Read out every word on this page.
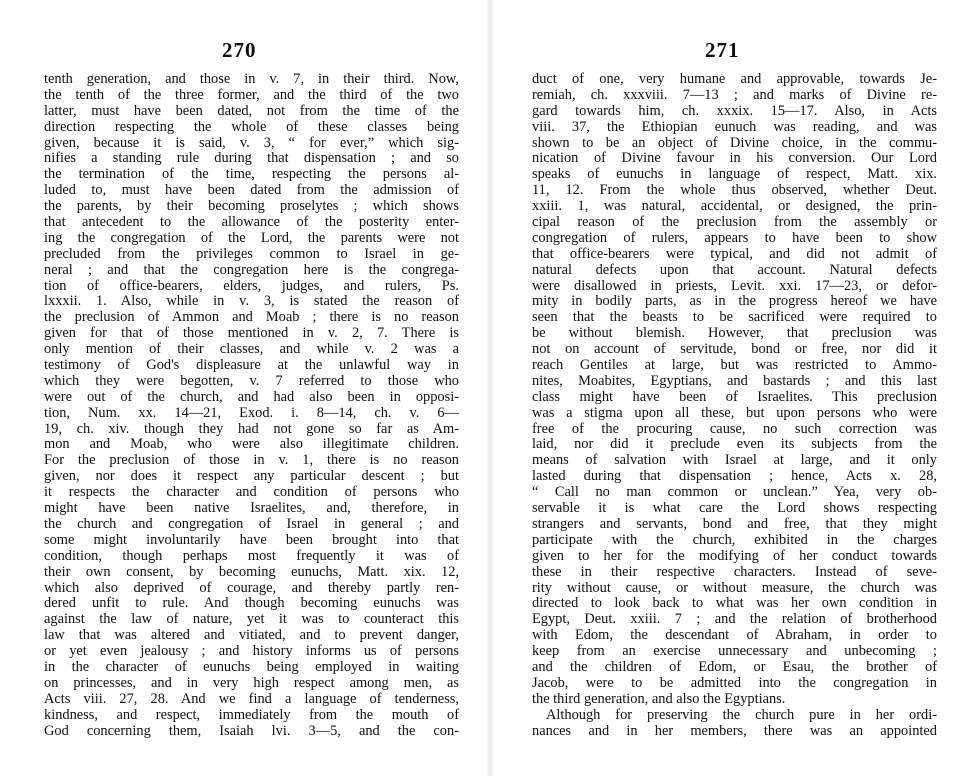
270
tenth generation, and those in v. 7, in their third. Now,
the tenth of the three former, and the third of the two
latter, must have been dated, not from the time of the
direction respecting the whole of these classes being
given, because it is said, v. 3, “ for ever,” which sig-
nifies a standing rule during that dispensation ; and so
the termination of the time, respecting the persons al-
luded to, must have been dated from the admission of
the parents, by their becoming proselytes ; which shows
that antecedent to the allowance of the posterity enter-
ing the congregation of the Lord, the parents were not
precluded from the privileges common to Israel in ge-
neral ; and that the congregation here is the congrega-
tion of office-bearers, elders, judges, and rulers, Ps.
lxxxii. 1. Also, while in v. 3, is stated the reason of
the preclusion of Ammon and Moab ; there is no reason
given for that of those mentioned in v. 2, 7. There is
only mention of their classes, and while v. 2 was a
testimony of God's displeasure at the unlawful way in
which they were begotten, v. 7 referred to those who
were out of the church, and had also been in opposi-
tion, Num. xx. 14—21, Exod. i. 8—14, ch. v. 6—
19, ch. xiv. though they had not gone so far as Am-
mon and Moab, who were also illegitimate children.
For the preclusion of those in v. 1, there is no reason
given, nor does it respect any particular descent ; but
it respects the character and condition of persons who
might have been native Israelites, and, therefore, in
the church and congregation of Israel in general ; and
some might involuntarily have been brought into that
condition, though perhaps most frequently it was of
their own consent, by becoming eunuchs, Matt. xix. 12,
which also deprived of courage, and thereby partly ren-
dered unfit to rule. And though becoming eunuchs was
against the law of nature, yet it was to counteract this
law that was altered and vitiated, and to prevent danger,
or yet even jealousy ; and history informs us of persons
in the character of eunuchs being employed in waiting
on princesses, and in very high respect among men, as
Acts viii. 27, 28. And we find a language of tenderness,
kindness, and respect, immediately from the mouth of
God concerning them, Isaiah lvi. 3—5, and the con-
271
duct of one, very humane and approvable, towards Je-
remiah, ch. xxxviii. 7—13 ; and marks of Divine re-
gard towards him, ch. xxxix. 15—17. Also, in Acts
viii. 37, the Ethiopian eunuch was reading, and was
shown to be an object of Divine choice, in the commu-
nication of Divine favour in his conversion. Our Lord
speaks of eunuchs in language of respect, Matt. xix.
11, 12. From the whole thus observed, whether Deut.
xxiii. 1, was natural, accidental, or designed, the prin-
cipal reason of the preclusion from the assembly or
congregation of rulers, appears to have been to show
that office-bearers were typical, and did not admit of
natural defects upon that account. Natural defects
were disallowed in priests, Levit. xxi. 17—23, or defor-
mity in bodily parts, as in the progress hereof we have
seen that the beasts to be sacrificed were required to
be without blemish. However, that preclusion was
not on account of servitude, bond or free, nor did it
reach Gentiles at large, but was restricted to Ammo-
nites, Moabites, Egyptians, and bastards ; and this last
class might have been of Israelites. This preclusion
was a stigma upon all these, but upon persons who were
free of the procuring cause, no such correction was
laid, nor did it preclude even its subjects from the
means of salvation with Israel at large, and it only
lasted during that dispensation ; hence, Acts x. 28,
“ Call no man common or unclean.” Yea, very ob-
servable it is what care the Lord shows respecting
strangers and servants, bond and free, that they might
participate with the church, exhibited in the charges
given to her for the modifying of her conduct towards
these in their respective characters. Instead of seve-
rity without cause, or without measure, the church was
directed to look back to what was her own condition in
Egypt, Deut. xxiii. 7 ; and the relation of brotherhood
with Edom, the descendant of Abraham, in order to
keep from an exercise unnecessary and unbecoming ;
and the children of Edom, or Esau, the brother of
Jacob, were to be admitted into the congregation in
the third generation, and also the Egyptians.
Although for preserving the church pure in her ordi-
nances and in her members, there was an appointed
